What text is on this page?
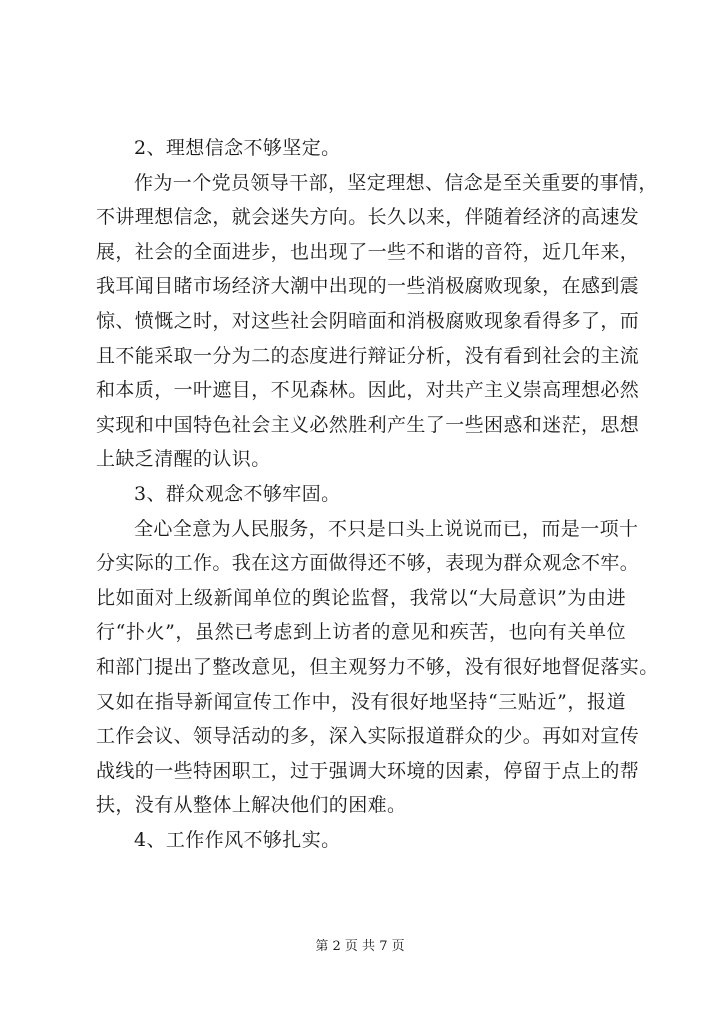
2、理想信念不够坚定。
作为一个党员领导干部，坚定理想、信念是至关重要的事情，
不讲理想信念，就会迷失方向。长久以来，伴随着经济的高速发
展，社会的全面进步，也出现了一些不和谐的音符，近几年来，
我耳闻目睹市场经济大潮中出现的一些消极腐败现象，在感到震
惊、愤慨之时，对这些社会阴暗面和消极腐败现象看得多了，而
且不能采取一分为二的态度进行辩证分析，没有看到社会的主流
和本质，一叶遮目，不见森林。因此，对共产主义崇高理想必然
实现和中国特色社会主义必然胜利产生了一些困惑和迷茫，思想
上缺乏清醒的认识。
3、群众观念不够牢固。
全心全意为人民服务，不只是口头上说说而已，而是一项十
分实际的工作。我在这方面做得还不够，表现为群众观念不牢。
比如面对上级新闻单位的舆论监督，我常以“大局意识”为由进
行“扑火”，虽然已考虑到上访者的意见和疾苦，也向有关单位
和部门提出了整改意见，但主观努力不够，没有很好地督促落实。
又如在指导新闻宣传工作中，没有很好地坚持“三贴近”，报道
工作会议、领导活动的多，深入实际报道群众的少。再如对宣传
战线的一些特困职工，过于强调大环境的因素，停留于点上的帮
扶，没有从整体上解决他们的困难。
4、工作作风不够扎实。
第 2 页 共 7 页
